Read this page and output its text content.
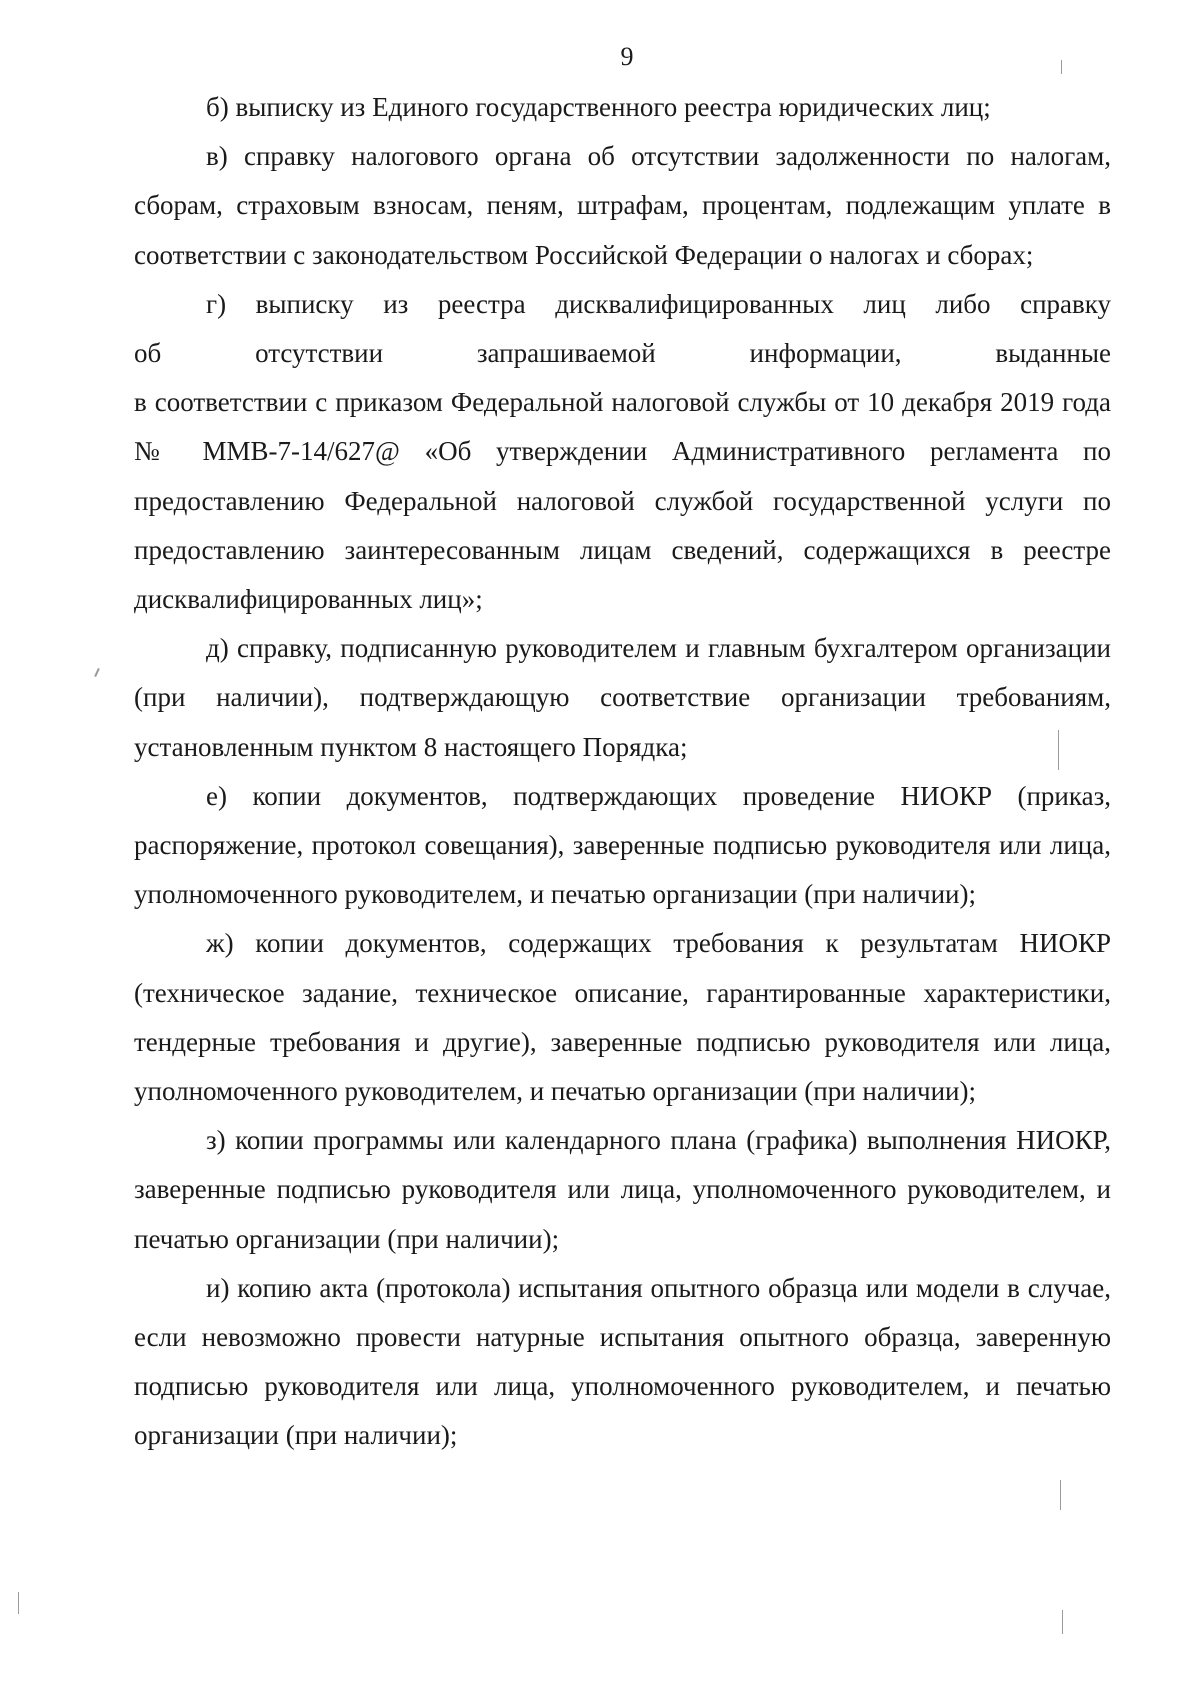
9

б) выписку из Единого государственного реестра юридических лиц;

в) справку налогового органа об отсутствии задолженности по налогам, сборам, страховым взносам, пеням, штрафам, процентам, подлежащим уплате в соответствии с законодательством Российской Федерации о налогах и сборах;

г) выписку из реестра дисквалифицированных лиц либо справку

об отсутствии запрашиваемой информации, выданные

в соответствии с приказом Федеральной налоговой службы от 10 декабря 2019 года № ММВ-7-14/627@ «Об утверждении Административного регламента по предоставлению Федеральной налоговой службой государственной услуги по предоставлению заинтересованным лицам сведений, содержащихся в реестре дисквалифицированных лиц»;

д) справку, подписанную руководителем и главным бухгалтером организации (при наличии), подтверждающую соответствие организации требованиям, установленным пунктом 8 настоящего Порядка;

е) копии документов, подтверждающих проведение НИОКР (приказ, распоряжение, протокол совещания), заверенные подписью руководителя или лица, уполномоченного руководителем, и печатью организации (при наличии);

ж) копии документов, содержащих требования к результатам НИОКР (техническое задание, техническое описание, гарантированные характеристики, тендерные требования и другие), заверенные подписью руководителя или лица, уполномоченного руководителем, и печатью организации (при наличии);

з) копии программы или календарного плана (графика) выполнения НИОКР, заверенные подписью руководителя или лица, уполномоченного руководителем, и печатью организации (при наличии);

и) копию акта (протокола) испытания опытного образца или модели в случае, если невозможно провести натурные испытания опытного образца, заверенную подписью руководителя или лица, уполномоченного руководителем, и печатью организации (при наличии);
